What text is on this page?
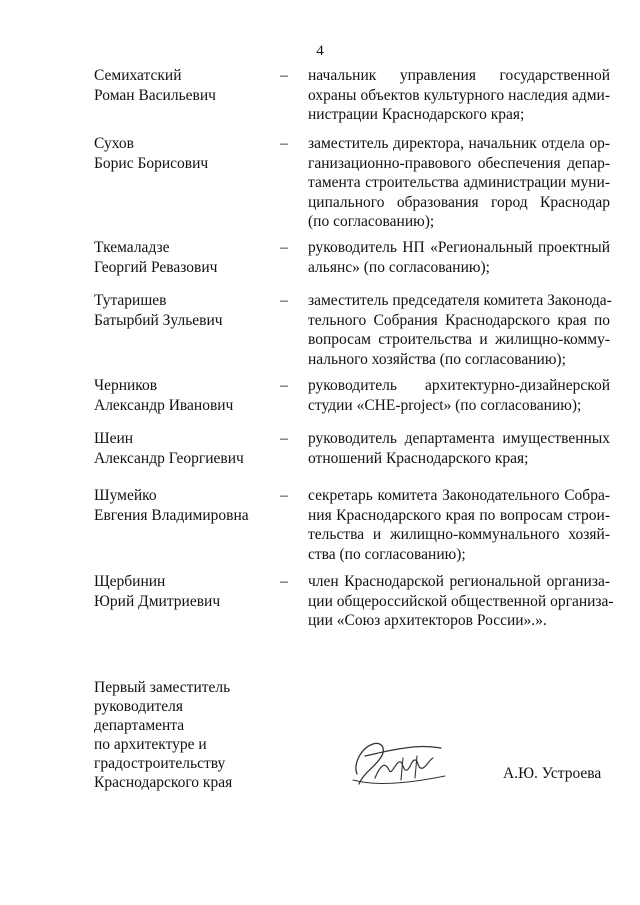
4
Семихатский
Роман Васильевич
– начальник управления государственной
охраны объектов культурного наследия адми-
нистрации Краснодарского края;
Сухов
Борис Борисович
– заместитель директора, начальник отдела ор-
ганизационно-правового обеспечения депар-
тамента строительства администрации муни-
ципального образования город Краснодар
(по согласованию);
Ткемаладзе
Георгий Ревазович
– руководитель НП «Региональный проектный
альянс» (по согласованию);
Тутаришев
Батырбий Зульевич
– заместитель председателя комитета Законода-
тельного Собрания Краснодарского края по
вопросам строительства и жилищно-комму-
нального хозяйства (по согласованию);
Черников
Александр Иванович
– руководитель архитектурно-дизайнерской
студии «CHE-project» (по согласованию);
Шеин
Александр Георгиевич
– руководитель департамента имущественных
отношений Краснодарского края;
Шумейко
Евгения Владимировна
– секретарь комитета Законодательного Собра-
ния Краснодарского края по вопросам строи-
тельства и жилищно-коммунального хозяй-
ства (по согласованию);
Щербинин
Юрий Дмитриевич
– член Краснодарской региональной организа-
ции общероссийской общественной организа-
ции «Союз архитекторов России».».
Первый заместитель
руководителя
департамента
по архитектуре и
градостроительству
Краснодарского края
А.Ю. Устроева
